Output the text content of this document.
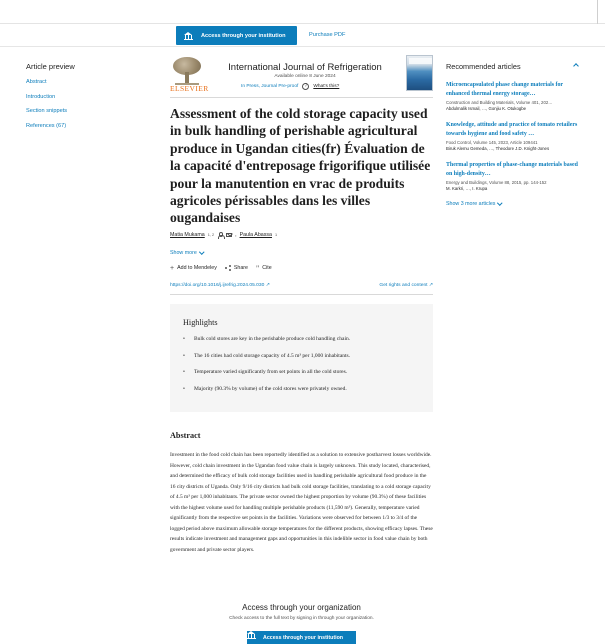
Access through your institution	Purchase PDF
Article preview
Abstract
Introduction
Section snippets
References (67)
ELSEVIER
International Journal of Refrigeration
Available online 8 June 2024
In Press, Journal Pre-proof	?	What's this?
Assessment of the cold storage capacity used in bulk handling of perishable agricultural produce in Ugandan cities(fr) Évaluation de la capacité d'entreposage frigorifique utilisée pour la manutention en vrac de produits agricoles périssables dans les villes ougandaises
Matia Mukama 1, 2	, Paula Abassa 1
Show more
+ Add to Mendeley	Share " Cite
https://doi.org/10.1016/j.ijrefrig.2024.05.030 ↗	Get rights and content ↗
Highlights
•	Bulk cold stores are key in the perishable produce cold handling chain.
•	The 16 cities had cold storage capacity of 4.5 m³ per 1,000 inhabitants.
•	Temperature varied significantly from set points in all the cold stores.
•	Majority (90.3% by volume) of the cold stores were privately owned.
Abstract

Investment in the food cold chain has been reportedly identified as a solution to extensive postharvest losses worldwide. However, cold chain investment in the Ugandan food value chain is largely unknown. This study located, characterised, and determined the efficacy of bulk cold storage facilities used in handling perishable agricultural food produce in the 16 city districts of Uganda. Only 9/16 city districts had bulk cold storage facilities, translating to a cold storage capacity of 4.5 m³ per 1,000 inhabitants. The private sector owned the highest proportion by volume (90.3%) of these facilities with the highest volume used for handling multiple perishable products (11,590 m³). Generally, temperature varied significantly from the respective set points in the facilities. Variations were observed for between 1/3 to 3/4 of the logged period above maximum allowable storage temperatures for the different products, showing efficacy lapses. These results indicate investment and management gaps and opportunities in this indelible sector in food value chain by both government and private sector players.

Access through your organization
Check access to the full text by signing in through your organization.
Access through your institution
Recommended articles
Microencapsulated phase change materials for enhanced thermal energy storage…
Construction and Building Materials, Volume 401, 202…
Abdulmalik Ismail, …, Gonjiu K. Otukogbe
Knowledge, attitude and practice of tomato retailers towards hygiene and food safety …
Food Control, Volume 145, 2023, Article 109441
Biruk Alemu Gemeda, …, Theodore J.D. Knight-Jones
Thermal properties of phase-change materials based on high-density…
Energy and Buildings, Volume 88, 2015, pp. 144-152
M. Karkri, …, I. Krupa
Show 3 more articles
